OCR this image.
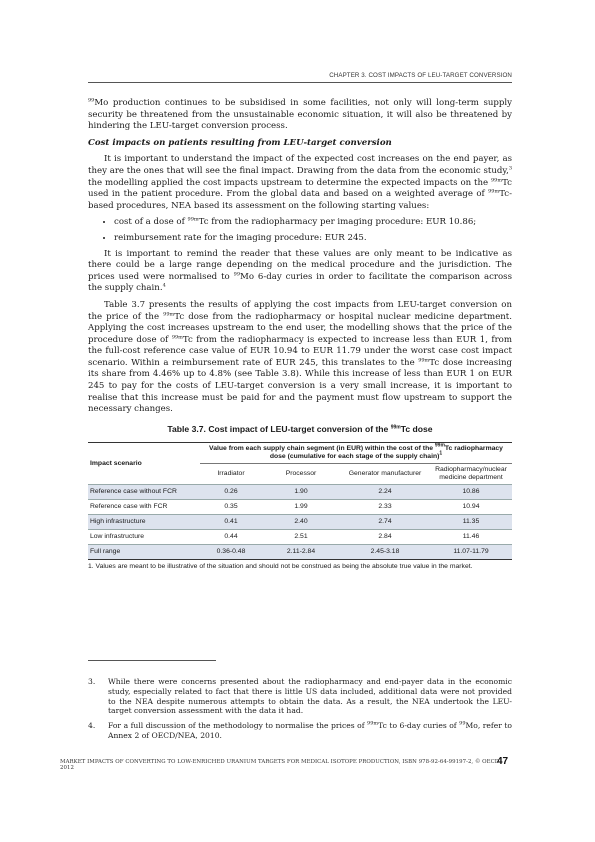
CHAPTER 3. COST IMPACTS OF LEU-TARGET CONVERSION

$^{99}$Mo production continues to be subsidised in some facilities, not only will long-term supply security be threatened from the unsustainable economic situation, it will also be threatened by hindering the LEU-target conversion process.

Cost impacts on patients resulting from LEU-target conversion

It is important to understand the impact of the expected cost increases on the end payer, as they are the ones that will see the final impact. Drawing from the data from the economic study,$^3$ the modelling applied the cost impacts upstream to determine the expected impacts on the $^{99m}$Tc used in the patient procedure. From the global data and based on a weighted average of $^{99m}$Tc-based procedures, NEA based its assessment on the following starting values:

• cost of a dose of $^{99m}$Tc from the radiopharmacy per imaging procedure: EUR 10.86;
• reimbursement rate for the imaging procedure: EUR 245.

It is important to remind the reader that these values are only meant to be indicative as there could be a large range depending on the medical procedure and the jurisdiction. The prices used were normalised to $^{99}$Mo 6-day curies in order to facilitate the comparison across the supply chain.$^4$

Table 3.7 presents the results of applying the cost impacts from LEU-target conversion on the price of the $^{99m}$Tc dose from the radiopharmacy or hospital nuclear medicine department. Applying the cost increases upstream to the end user, the modelling shows that the price of the procedure dose of $^{99m}$Tc from the radiopharmacy is expected to increase less than EUR 1, from the full-cost reference case value of EUR 10.94 to EUR 11.79 under the worst case cost impact scenario. Within a reimbursement rate of EUR 245, this translates to the $^{99m}$Tc dose increasing its share from 4.46% up to 4.8% (see Table 3.8). While this increase of less than EUR 1 on EUR 245 to pay for the costs of LEU-target conversion is a very small increase, it is important to realise that this increase must be paid for and the payment must flow upstream to support the necessary changes.

Table 3.7. Cost impact of LEU-target conversion of the $^{99m}$Tc dose
Impact scenario	Value from each supply chain segment (in EUR) within the cost of the $^{99m}$Tc radiopharmacy dose (cumulative for each stage of the supply chain)$^1$
	Irradiator	Processor	Generator manufacturer	Radiopharmacy/nuclear medicine department
Reference case without FCR	0.26	1.90	2.24	10.86
Reference case with FCR	0.35	1.99	2.33	10.94
High infrastructure	0.41	2.40	2.74	11.35
Low infrastructure	0.44	2.51	2.84	11.46
Full range	0.36-0.48	2.11-2.84	2.45-3.18	11.07-11.79
1. Values are meant to be illustrative of the situation and should not be construed as being the absolute true value in the market.
3.	While there were concerns presented about the radiopharmacy and end-payer data in the economic study, especially related to fact that there is little US data included, additional data were not provided to the NEA despite numerous attempts to obtain the data. As a result, the NEA undertook the LEU-target conversion assessment with the data it had.
4.	For a full discussion of the methodology to normalise the prices of $^{99m}$Tc to 6-day curies of $^{99}$Mo, refer to Annex 2 of OECD/NEA, 2010.
MARKET IMPACTS OF CONVERTING TO LOW-ENRICHED URANIUM TARGETS FOR MEDICAL ISOTOPE PRODUCTION, ISBN 978-92-64-99197-2, © OECD 2012
47
